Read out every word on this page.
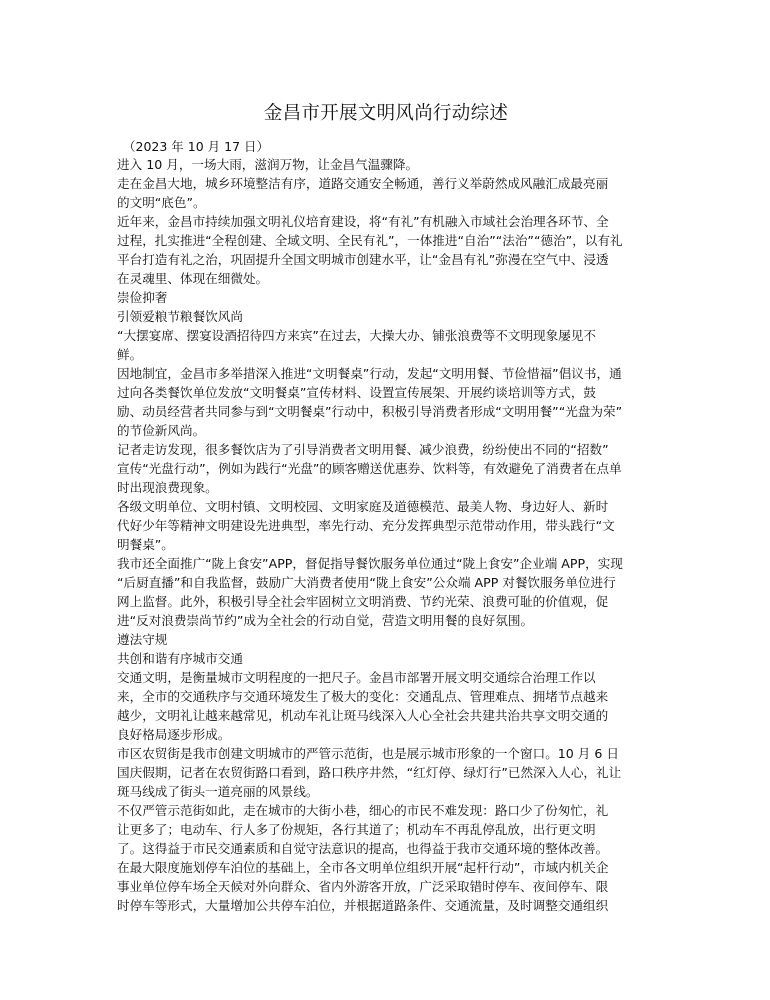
金昌市开展文明风尚行动综述

（2023 年 10 月 17 日）

进入 10 月，一场大雨，滋润万物，让金昌气温骤降。

走在金昌大地，城乡环境整洁有序，道路交通安全畅通，善行义举蔚然成风融汇成最亮丽
的文明“底色”。

近年来，金昌市持续加强文明礼仪培育建设，将“有礼”有机融入市域社会治理各环节、全
过程，扎实推进“全程创建、全域文明、全民有礼”，一体推进“自治”“法治”“德治”，以有礼
平台打造有礼之治，巩固提升全国文明城市创建水平，让“金昌有礼”弥漫在空气中、浸透
在灵魂里、体现在细微处。

崇俭抑奢

引领爱粮节粮餐饮风尚

“大摆宴席、摆宴设酒招待四方来宾”在过去，大操大办、铺张浪费等不文明现象屡见不
鲜。

因地制宜，金昌市多举措深入推进“文明餐桌”行动，发起“文明用餐、节俭惜福”倡议书，通
过向各类餐饮单位发放“文明餐桌”宣传材料、设置宣传展架、开展约谈培训等方式，鼓
励、动员经营者共同参与到“文明餐桌”行动中，积极引导消费者形成“文明用餐”“光盘为荣”
的节俭新风尚。

记者走访发现，很多餐饮店为了引导消费者文明用餐、减少浪费，纷纷使出不同的“招数”
宣传“光盘行动”，例如为践行“光盘”的顾客赠送优惠券、饮料等，有效避免了消费者在点单
时出现浪费现象。

各级文明单位、文明村镇、文明校园、文明家庭及道德模范、最美人物、身边好人、新时
代好少年等精神文明建设先进典型，率先行动、充分发挥典型示范带动作用，带头践行“文
明餐桌”。

我市还全面推广“陇上食安”APP，督促指导餐饮服务单位通过“陇上食安”企业端 APP，实现
“后厨直播”和自我监督，鼓励广大消费者使用“陇上食安”公众端 APP 对餐饮服务单位进行
网上监督。此外，积极引导全社会牢固树立文明消费、节约光荣、浪费可耻的价值观，促
进“反对浪费崇尚节约”成为全社会的行动自觉，营造文明用餐的良好氛围。

遵法守规

共创和谐有序城市交通

交通文明，是衡量城市文明程度的一把尺子。金昌市部署开展文明交通综合治理工作以
来，全市的交通秩序与交通环境发生了极大的变化：交通乱点、管理难点、拥堵节点越来
越少，文明礼让越来越常见，机动车礼让斑马线深入人心全社会共建共治共享文明交通的
良好格局逐步形成。

市区农贸街是我市创建文明城市的严管示范街，也是展示城市形象的一个窗口。10 月 6 日
国庆假期，记者在农贸街路口看到，路口秩序井然，“红灯停、绿灯行”已然深入人心，礼让
斑马线成了街头一道亮丽的风景线。

不仅严管示范街如此，走在城市的大街小巷，细心的市民不难发现：路口少了份匆忙，礼
让更多了；电动车、行人多了份规矩，各行其道了；机动车不再乱停乱放，出行更文明
了。这得益于市民交通素质和自觉守法意识的提高，也得益于我市交通环境的整体改善。
在最大限度施划停车泊位的基础上，全市各文明单位组织开展“起杆行动”，市域内机关企
事业单位停车场全天候对外向群众、省内外游客开放，广泛采取错时停车、夜间停车、限
时停车等形式，大量增加公共停车泊位，并根据道路条件、交通流量，及时调整交通组织
